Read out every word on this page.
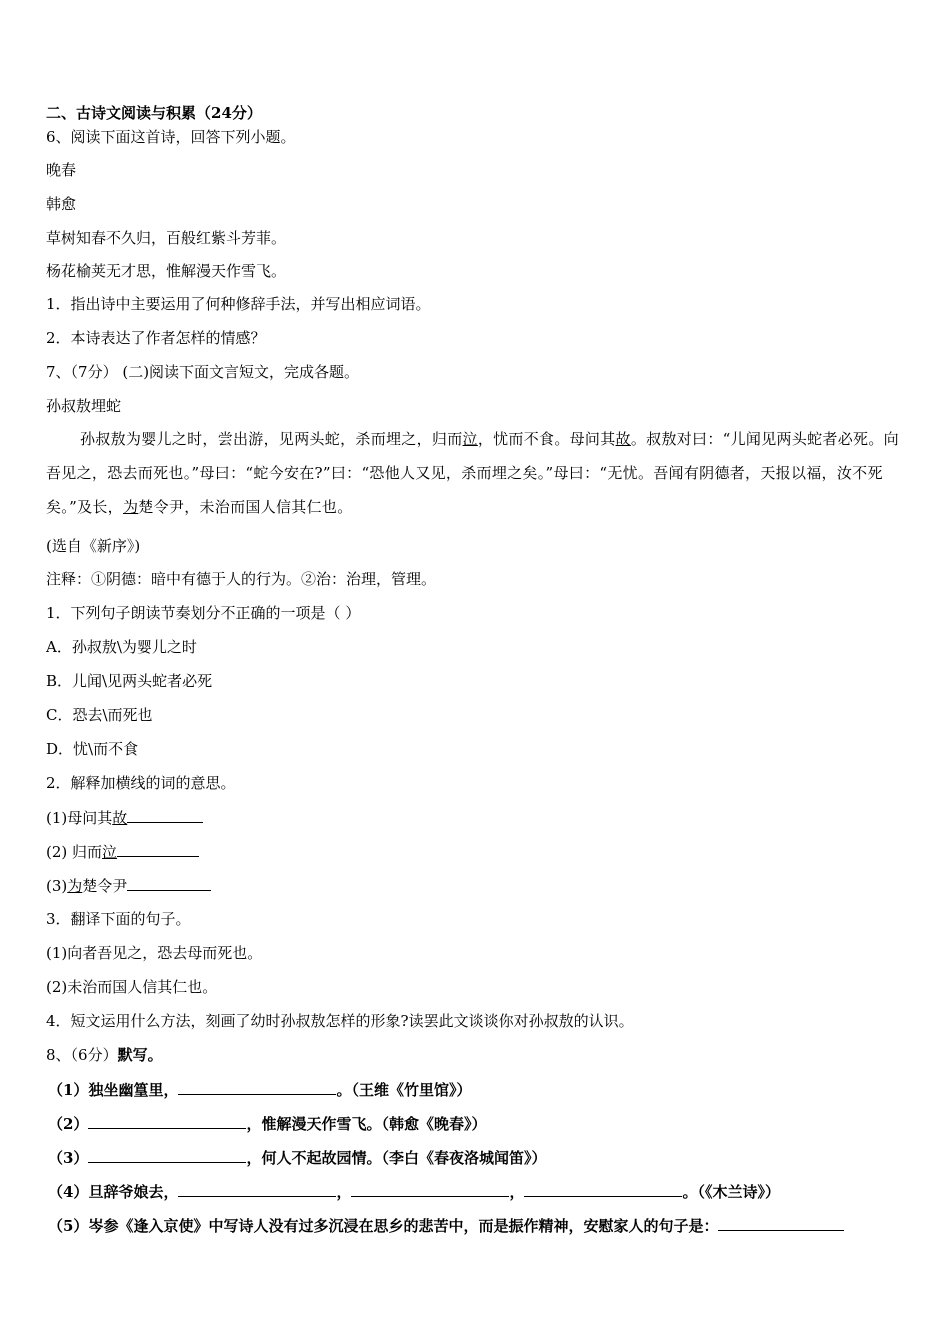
二、古诗文阅读与积累（24分）
6、阅读下面这首诗，回答下列小题。
晚春
韩愈
草树知春不久归，百般红紫斗芳菲。
杨花榆荚无才思，惟解漫天作雪飞。
1．指出诗中主要运用了何种修辞手法，并写出相应词语。
2．本诗表达了作者怎样的情感？
7、（7分） (二)阅读下面文言短文，完成各题。
孙叔敖埋蛇
孙叔敖为婴儿之时，尝出游，见两头蛇，杀而埋之，归而泣，忧而不食。母问其故。叔敖对曰：“儿闻见两头蛇者必死。向吾见之，恐去而死也。”母曰：“蛇今安在?”曰：“恐他人又见，杀而埋之矣。”母曰：“无忧。吾闻有阴德者，天报以福，汝不死矣。”及长，为楚令尹，未治而国人信其仁也。
(选自《新序》)
注释：①阴德：暗中有德于人的行为。②治：治理，管理。
1．下列句子朗读节奏划分不正确的一项是（ ）
A．孙叔敖\为婴儿之时
B．儿闻\见两头蛇者必死
C．恐去\而死也
D．忧\而不食
2．解释加横线的词的意思。
(1)母问其故
(2) 归而泣
(3)为楚令尹
3．翻译下面的句子。
(1)向者吾见之，恐去母而死也。
(2)未治而国人信其仁也。
4．短文运用什么方法，刻画了幼时孙叔敖怎样的形象?读罢此文谈谈你对孙叔敖的认识。
8、（6分）默写。
（1）独坐幽篁里，	。（王维《竹里馆》）
（2）	，惟解漫天作雪飞。（韩愈《晚春》）
（3）	，何人不起故园情。（李白《春夜洛城闻笛》）
（4）旦辞爷娘去，	，	，	。（《木兰诗》）
（5）岑参《逢入京使》中写诗人没有过多沉浸在思乡的悲苦中，而是振作精神，安慰家人的句子是：
